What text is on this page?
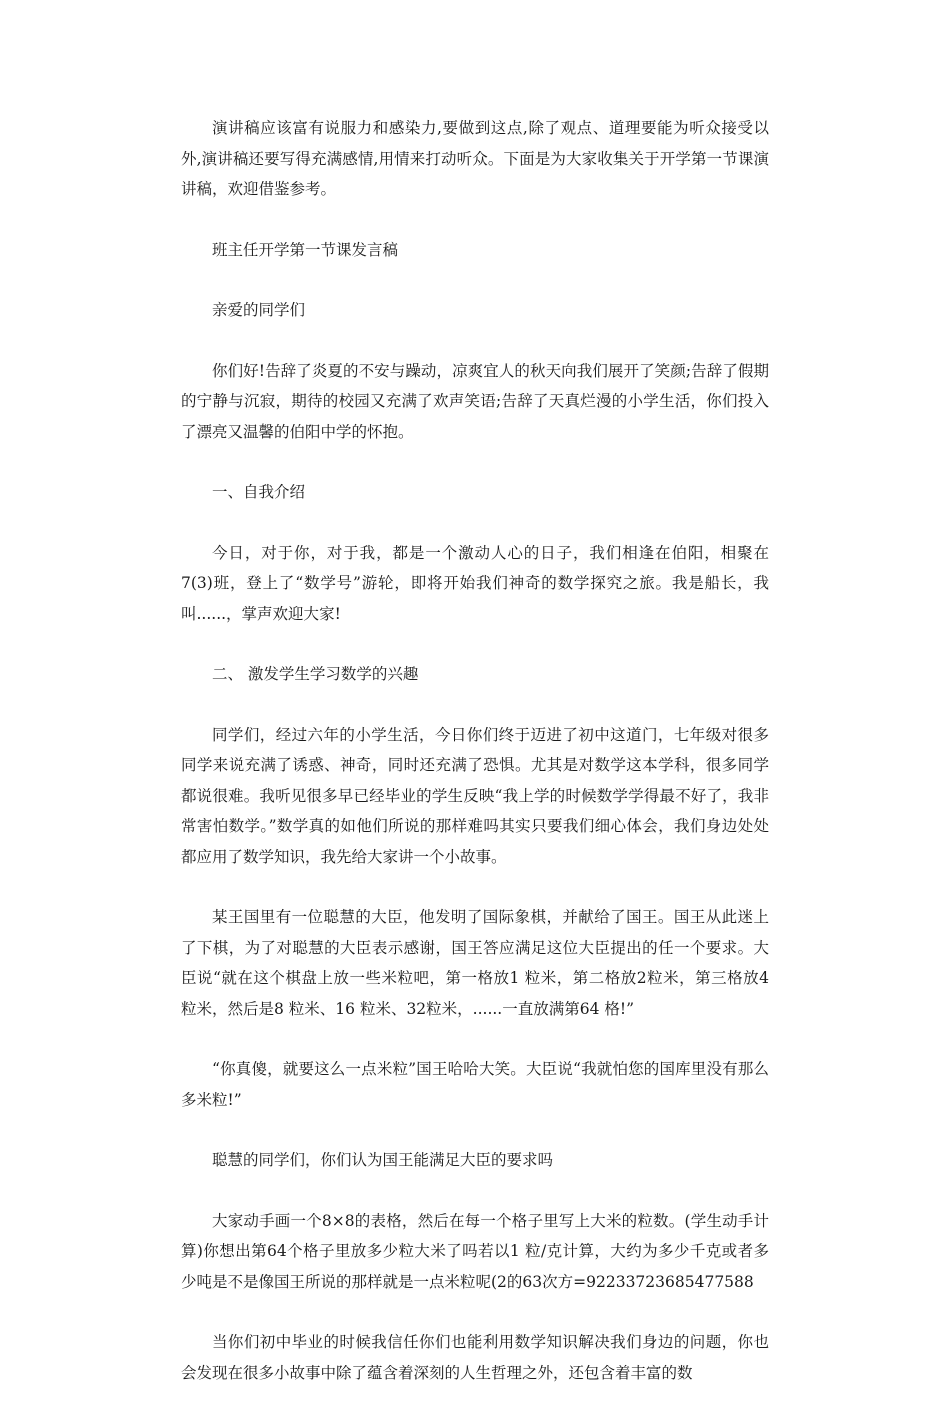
演讲稿应该富有说服力和感染力,要做到这点,除了观点、道理要能为听众接受以外,演讲稿还要写得充满感情,用情来打动听众。下面是为大家收集关于开学第一节课演讲稿，欢迎借鉴参考。

班主任开学第一节课发言稿

亲爱的同学们

你们好!告辞了炎夏的不安与躁动，凉爽宜人的秋天向我们展开了笑颜;告辞了假期的宁静与沉寂，期待的校园又充满了欢声笑语;告辞了天真烂漫的小学生活，你们投入了漂亮又温馨的伯阳中学的怀抱。

一、自我介绍

今日，对于你，对于我，都是一个激动人心的日子，我们相逢在伯阳，相聚在7(3)班，登上了“数学号”游轮，即将开始我们神奇的数学探究之旅。我是船长，我叫......，掌声欢迎大家!

二、 激发学生学习数学的兴趣

同学们，经过六年的小学生活，今日你们终于迈进了初中这道门，七年级对很多同学来说充满了诱惑、神奇，同时还充满了恐惧。尤其是对数学这本学科，很多同学都说很难。我听见很多早已经毕业的学生反映“我上学的时候数学学得最不好了，我非常害怕数学。”数学真的如他们所说的那样难吗其实只要我们细心体会，我们身边处处都应用了数学知识，我先给大家讲一个小故事。

某王国里有一位聪慧的大臣，他发明了国际象棋，并献给了国王。国王从此迷上了下棋，为了对聪慧的大臣表示感谢，国王答应满足这位大臣提出的任一个要求。大臣说“就在这个棋盘上放一些米粒吧，第一格放1 粒米，第二格放2粒米，第三格放4 粒米，然后是8 粒米、16 粒米、32粒米，......一直放满第64 格!”

“你真傻，就要这么一点米粒”国王哈哈大笑。大臣说“我就怕您的国库里没有那么多米粒!”

聪慧的同学们，你们认为国王能满足大臣的要求吗

大家动手画一个8×8的表格，然后在每一个格子里写上大米的粒数。(学生动手计算)你想出第64个格子里放多少粒大米了吗若以1 粒/克计算，大约为多少千克或者多少吨是不是像国王所说的那样就是一点米粒呢(2的63次方=92233723685477588

当你们初中毕业的时候我信任你们也能利用数学知识解决我们身边的问题，你也会发现在很多小故事中除了蕴含着深刻的人生哲理之外，还包含着丰富的数
